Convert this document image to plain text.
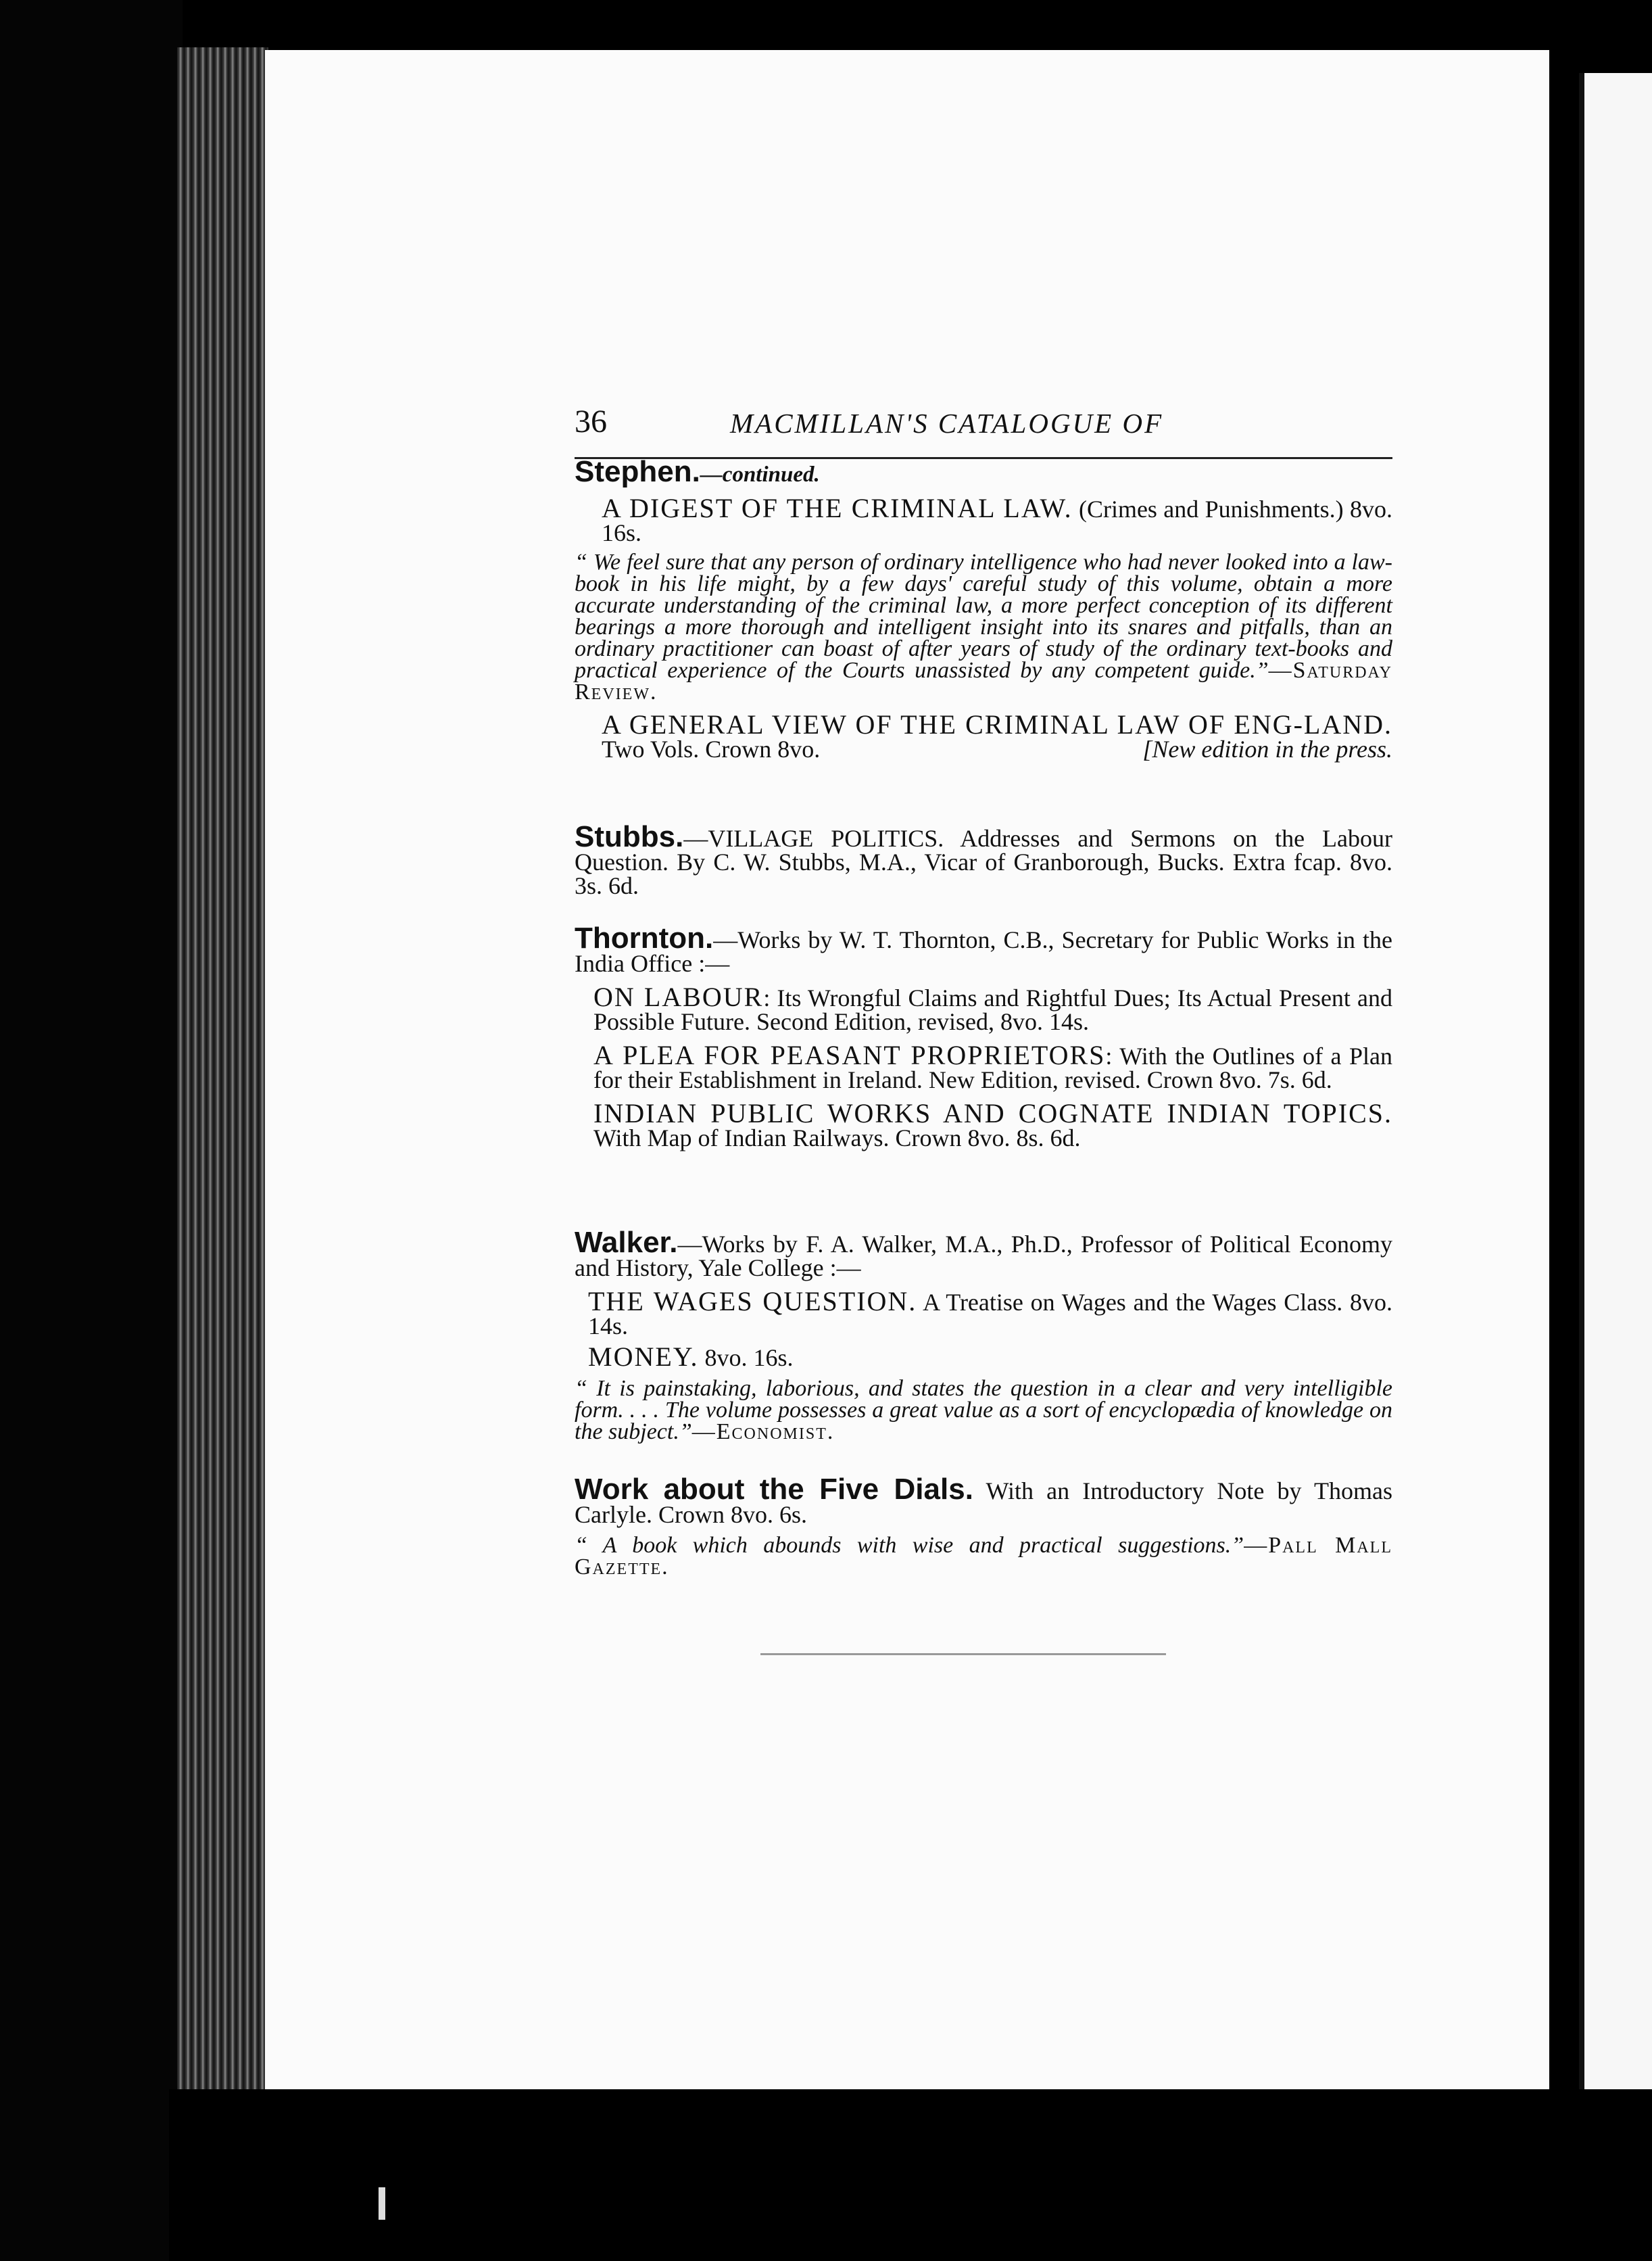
36	MACMILLAN'S CATALOGUE OF
Stephen.—continued.
A DIGEST OF THE CRIMINAL LAW. (Crimes and Punishments.) 8vo. 16s.
“ We feel sure that any person of ordinary intelligence who had never looked into a law-book in his life might, by a few days' careful study of this volume, obtain a more accurate understanding of the criminal law, a more perfect conception of its different bearings a more thorough and intelligent insight into its snares and pitfalls, than an ordinary practitioner can boast of after years of study of the ordinary text-books and practical experience of the Courts unassisted by any competent guide.”—Saturday Review.
A GENERAL VIEW OF THE CRIMINAL LAW OF ENG-LAND. Two Vols. Crown 8vo.	[New edition in the press.
Stubbs.—VILLAGE POLITICS. Addresses and Sermons on the Labour Question. By C. W. Stubbs, M.A., Vicar of Granborough, Bucks. Extra fcap. 8vo. 3s. 6d.
Thornton.—Works by W. T. Thornton, C.B., Secretary for Public Works in the India Office :—
ON LABOUR: Its Wrongful Claims and Rightful Dues; Its Actual Present and Possible Future. Second Edition, revised, 8vo. 14s.
A PLEA FOR PEASANT PROPRIETORS: With the Outlines of a Plan for their Establishment in Ireland. New Edition, revised. Crown 8vo. 7s. 6d.
INDIAN PUBLIC WORKS AND COGNATE INDIAN TOPICS. With Map of Indian Railways. Crown 8vo. 8s. 6d.
Walker.—Works by F. A. Walker, M.A., Ph.D., Professor of Political Economy and History, Yale College :—
THE WAGES QUESTION. A Treatise on Wages and the Wages Class. 8vo. 14s.
MONEY. 8vo. 16s.
“ It is painstaking, laborious, and states the question in a clear and very intelligible form. . . . The volume possesses a great value as a sort of encyclopædia of knowledge on the subject.”—Economist.
Work about the Five Dials. With an Introductory Note by Thomas Carlyle. Crown 8vo. 6s.
“ A book which abounds with wise and practical suggestions.”—Pall Mall Gazette.
